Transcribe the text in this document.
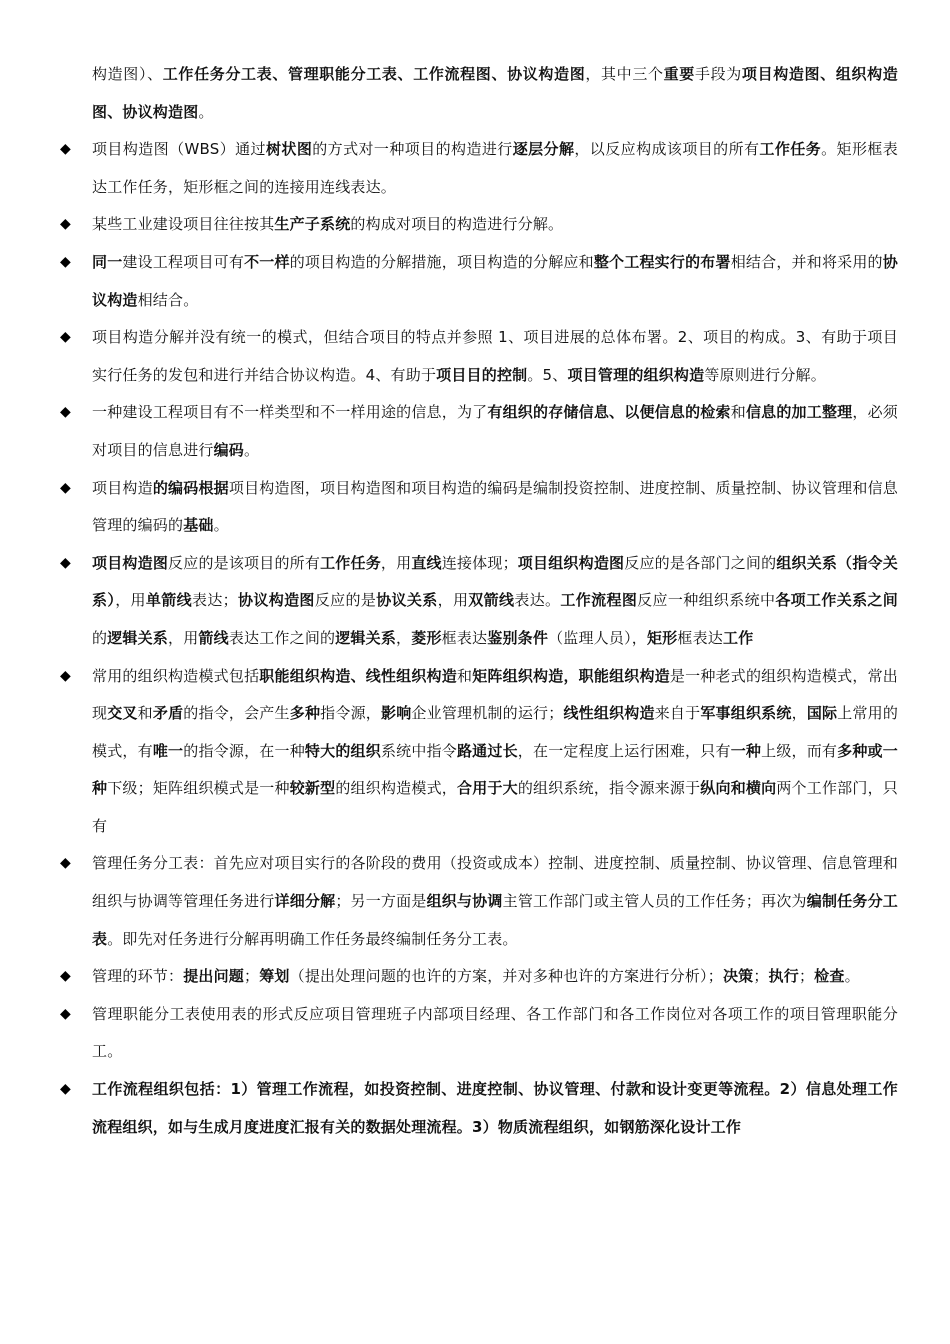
构造图）、工作任务分工表、管理职能分工表、工作流程图、协议构造图，其中三个重要手段为项目构造图、组织构造图、协议构造图。
◆ 项目构造图（WBS）通过树状图的方式对一种项目的构造进行逐层分解，以反应构成该项目的所有工作任务。矩形框表达工作任务，矩形框之间的连接用连线表达。
◆ 某些工业建设项目往往按其生产子系统的构成对项目的构造进行分解。
◆ 同一建设工程项目可有不一样的项目构造的分解措施，项目构造的分解应和整个工程实行的布署相结合，并和将采用的协议构造相结合。
◆ 项目构造分解并没有统一的模式，但结合项目的特点并参照 1、项目进展的总体布署。2、项目的构成。3、有助于项目实行任务的发包和进行并结合协议构造。4、有助于项目目的控制。5、项目管理的组织构造等原则进行分解。
◆ 一种建设工程项目有不一样类型和不一样用途的信息，为了有组织的存储信息、以便信息的检索和信息的加工整理，必须对项目的信息进行编码。
◆ 项目构造的编码根据项目构造图，项目构造图和项目构造的编码是编制投资控制、进度控制、质量控制、协议管理和信息管理的编码的基础。
◆ 项目构造图反应的是该项目的所有工作任务，用直线连接体现；项目组织构造图反应的是各部门之间的组织关系（指令关系），用单箭线表达；协议构造图反应的是协议关系，用双箭线表达。工作流程图反应一种组织系统中各项工作关系之间的逻辑关系，用箭线表达工作之间的逻辑关系，菱形框表达鉴别条件（监理人员），矩形框表达工作
◆ 常用的组织构造模式包括职能组织构造、线性组织构造和矩阵组织构造，职能组织构造是一种老式的组织构造模式，常出现交叉和矛盾的指令，会产生多种指令源，影响企业管理机制的运行；线性组织构造来自于军事组织系统，国际上常用的模式，有唯一的指令源，在一种特大的组织系统中指令路通过长，在一定程度上运行困难，只有一种上级，而有多种或一种下级；矩阵组织模式是一种较新型的组织构造模式，合用于大的组织系统，指令源来源于纵向和横向两个工作部门，只有
◆ 管理任务分工表：首先应对项目实行的各阶段的费用（投资或成本）控制、进度控制、质量控制、协议管理、信息管理和组织与协调等管理任务进行详细分解；另一方面是组织与协调主管工作部门或主管人员的工作任务；再次为编制任务分工表。即先对任务进行分解再明确工作任务最终编制任务分工表。
◆ 管理的环节：提出问题；筹划（提出处理问题的也许的方案，并对多种也许的方案进行分析）；决策；执行；检查。
◆ 管理职能分工表使用表的形式反应项目管理班子内部项目经理、各工作部门和各工作岗位对各项工作的项目管理职能分工。
◆ 工作流程组织包括：1）管理工作流程，如投资控制、进度控制、协议管理、付款和设计变更等流程。2）信息处理工作流程组织，如与生成月度进度汇报有关的数据处理流程。3）物质流程组织，如钢筋深化设计工作
